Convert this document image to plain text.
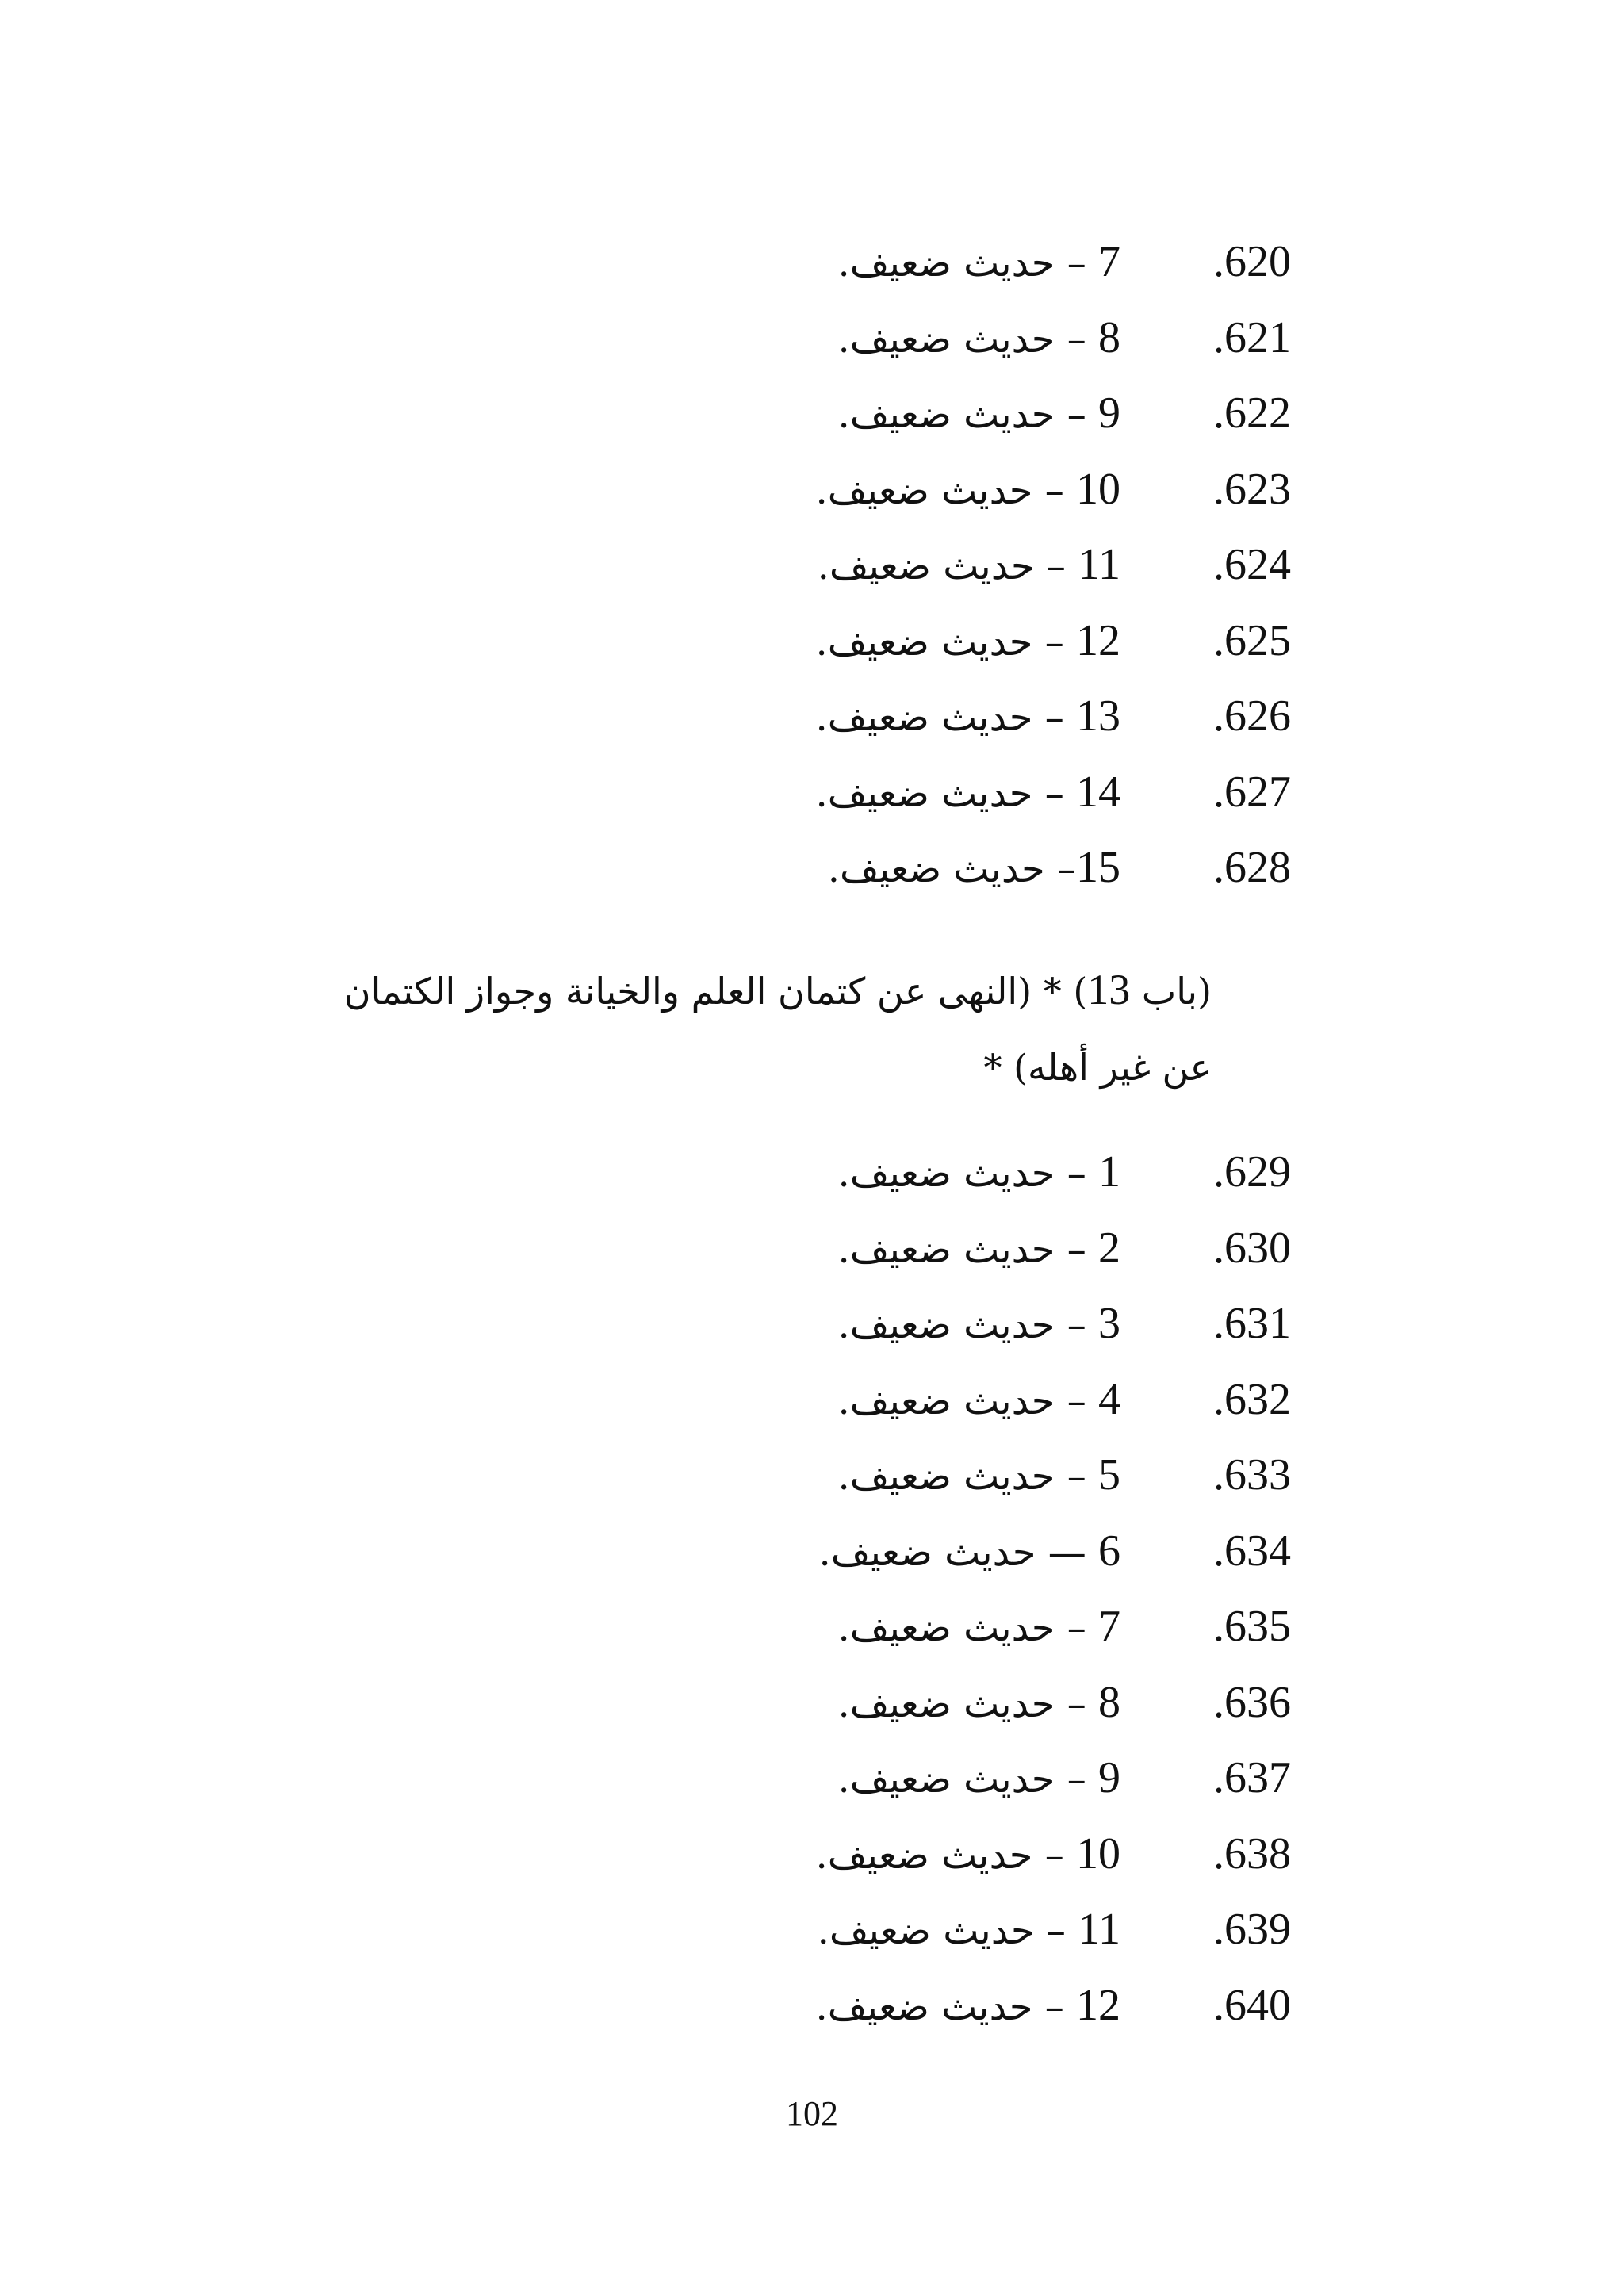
.620
7 – حديث ضعيف.
.621
8 – حديث ضعيف.
.622
9 – حديث ضعيف.
.623
10 – حديث ضعيف.
.624
11 – حديث ضعيف.
.625
12 – حديث ضعيف.
.626
13 – حديث ضعيف.
.627
14 – حديث ضعيف.
.628
15– حديث ضعيف.
(باب 13) * (النهى عن كتمان العلم والخيانة وجواز الكتمان عن غير أهله) *
.629
1 – حديث ضعيف.
.630
2 – حديث ضعيف.
.631
3 – حديث ضعيف.
.632
4 – حديث ضعيف.
.633
5 – حديث ضعيف.
.634
6 — حديث ضعيف.
.635
7 – حديث ضعيف.
.636
8 – حديث ضعيف.
.637
9 – حديث ضعيف.
.638
10 – حديث ضعيف.
.639
11 – حديث ضعيف.
.640
12 – حديث ضعيف.
102
